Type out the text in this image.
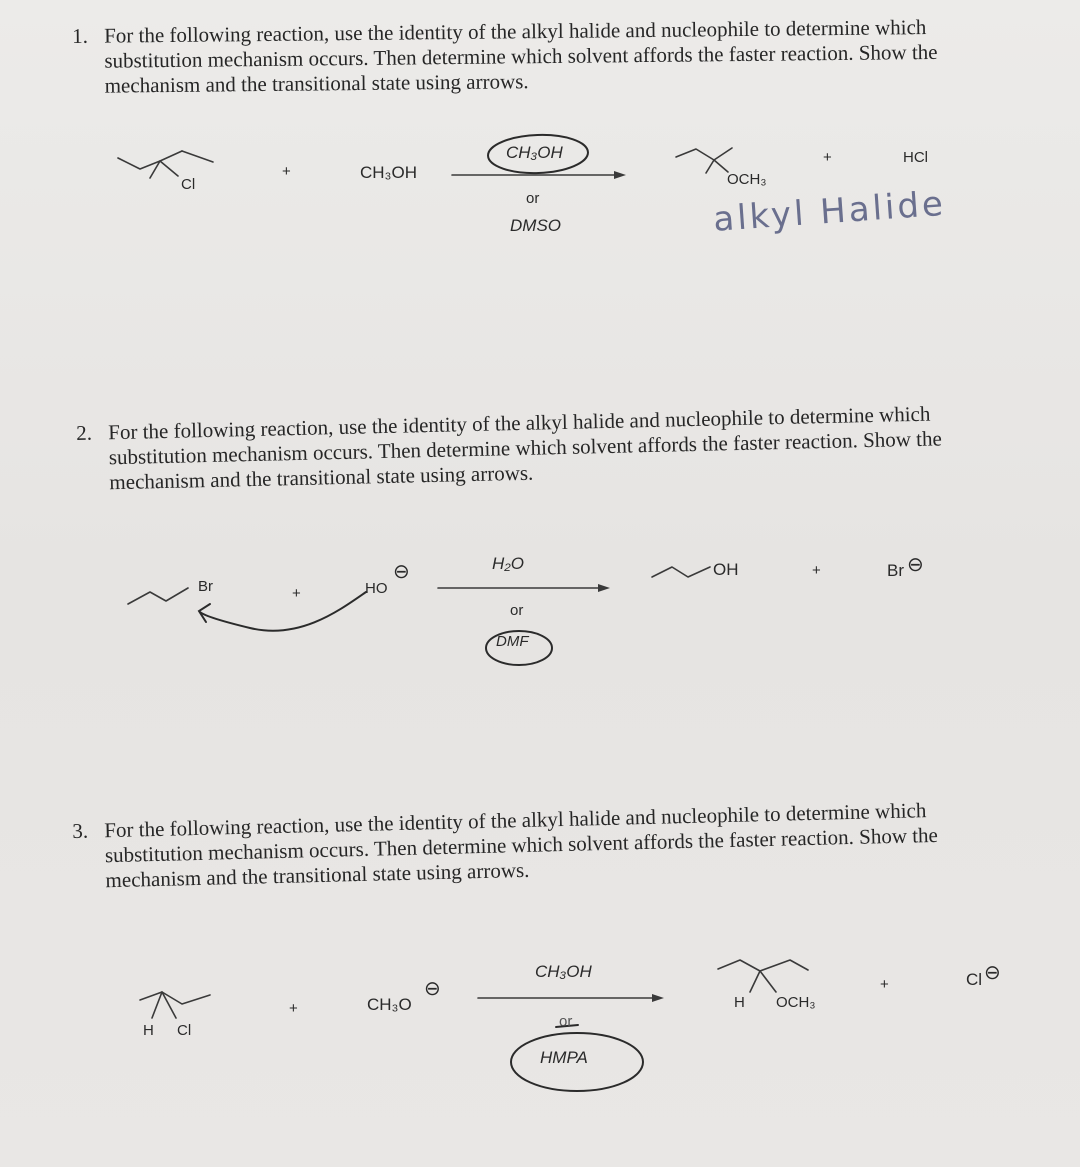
1. For the following reaction, use the identity of the alkyl halide and nucleophile to determine which substitution mechanism occurs. Then determine which solvent affords the faster reaction. Show the mechanism and the transitional state using arrows.
2. For the following reaction, use the identity of the alkyl halide and nucleophile to determine which substitution mechanism occurs. Then determine which solvent affords the faster reaction. Show the mechanism and the transitional state using arrows.
3. For the following reaction, use the identity of the alkyl halide and nucleophile to determine which substitution mechanism occurs. Then determine which solvent affords the faster reaction. Show the mechanism and the transitional state using arrows.
Cl
+	CH₃OH
CH₃OH
or
DMSO
OCH₃
+	HCl
alkyl Halide
Br	+	HO
⊖	H₂O
or
DMF
OH	+	Br ⊖
H Cl
+	CH₃O
⊖
CH₃OH
or
HMPA
H OCH₃
+	Cl ⊖
